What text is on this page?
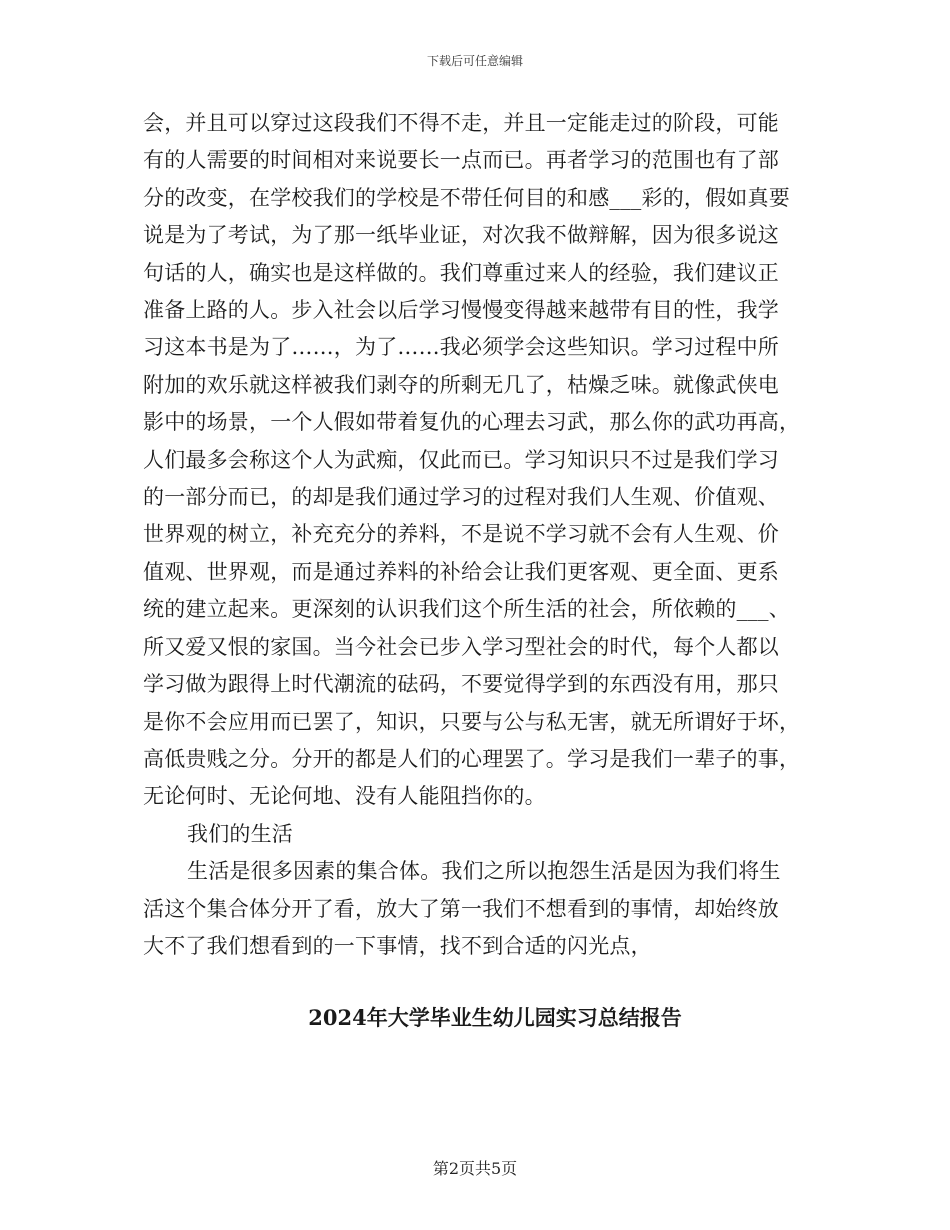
下载后可任意编辑
会，并且可以穿过这段我们不得不走，并且一定能走过的阶段，可能
有的人需要的时间相对来说要长一点而已。再者学习的范围也有了部
分的改变，在学校我们的学校是不带任何目的和感___彩的，假如真要
说是为了考试，为了那一纸毕业证，对次我不做辩解，因为很多说这
句话的人，确实也是这样做的。我们尊重过来人的经验，我们建议正
准备上路的人。步入社会以后学习慢慢变得越来越带有目的性，我学
习这本书是为了……，为了……我必须学会这些知识。学习过程中所
附加的欢乐就这样被我们剥夺的所剩无几了，枯燥乏味。就像武侠电
影中的场景，一个人假如带着复仇的心理去习武，那么你的武功再高，
人们最多会称这个人为武痴，仅此而已。学习知识只不过是我们学习
的一部分而已，的却是我们通过学习的过程对我们人生观、价值观、
世界观的树立，补充充分的养料，不是说不学习就不会有人生观、价
值观、世界观，而是通过养料的补给会让我们更客观、更全面、更系
统的建立起来。更深刻的认识我们这个所生活的社会，所依赖的___、
所又爱又恨的家国。当今社会已步入学习型社会的时代，每个人都以
学习做为跟得上时代潮流的砝码，不要觉得学到的东西没有用，那只
是你不会应用而已罢了，知识，只要与公与私无害，就无所谓好于坏，
高低贵贱之分。分开的都是人们的心理罢了。学习是我们一辈子的事，
无论何时、无论何地、没有人能阻挡你的。
我们的生活
生活是很多因素的集合体。我们之所以抱怨生活是因为我们将生
活这个集合体分开了看，放大了第一我们不想看到的事情，却始终放
大不了我们想看到的一下事情，找不到合适的闪光点，
2024年大学毕业生幼儿园实习总结报告
第2页共5页
